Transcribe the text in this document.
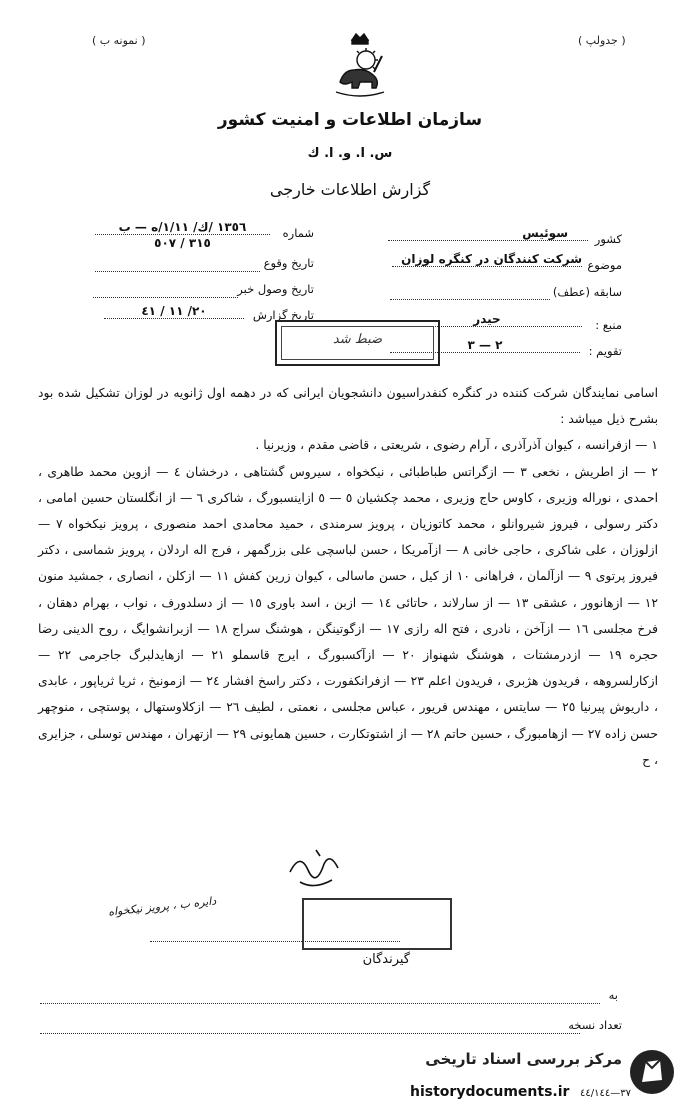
( نمونه ب )	( جدولپ )
سازمان اطلاعات و امنیت کشور
س. ا. و. ا. ك
گزارش اطلاعات خارجی
کشور
سوئیس
موضوع
شرکت کنندگان در کنگره لوزان
سابقه (عطف)
منبع :
حیدر
تقویم :
٢ — ٣
شماره
١٣٥٦ /ك/ ١/١١/ه — ب
٣١٥ / ٥٠٧
تاریخ وقوع
تاریخ وصول خبر
تاریخ گزارش
٢٠/ ١١ / ٤١
ضبط شد

اسامی نمایندگان شرکت کننده در کنگره کنفدراسیون دانشجویان ایرانی که در دهمه اول ژانویه در لوزان تشکیل شده بود بشرح ذیل میباشد :

١ — ازفرانسه ، کیوان آذرآذری ، آرام رضوی ، شریعتی ، قاضی مقدم ، وزیرنیا .

٢ — از اطریش ، نخعی ٣ — ازگراتس طباطبائی ، نیکخواه ، سیروس گشتاهی ، درخشان ٤ — ازوین محمد طاهری ، احمدی ، نوراله وزیری ، کاوس حاج وزیری ، محمد چکشیان ٥ — ٥ ازاینسبورگ ، شاکری ٦ — از انگلستان حسین امامی ، دکتر رسولی ، فیروز شیروانلو ، محمد کاتوزیان ، پرویز سرمندی ، حمید محامدی احمد منصوری ، پرویز نیکخواه ٧ — ازلوزان ، علی شاکری ، حاجی خانی ٨ — ازآمریکا ، حسن لباسچی علی بزرگمهر ، فرج اله اردلان ، پرویز شماسی ، دکتر فیروز پرتوی ٩ — ازآلمان ، فراهانی ١٠ از کیل ، حسن ماسالی ، کیوان زرین کفش ١١ — ازکلن ، انصاری ، جمشید منون ١٢ — ازهانوور ، عشقی ١٣ — از سارلاند ، حاتائی ١٤ — ازبن ، اسد باوری ١٥ — از دسلدورف ، نواب ، بهرام دهقان ، فرخ مجلسی ١٦ — ازآخن ، نادری ، فتح اله رازی ١٧ — ازگوتینگن ، هوشنگ سراج ١٨ — ازبرانشوایگ ، روح الدینی رضا حجره ١٩ — ازدرمشتات ، هوشنگ شهنواز ٢٠ — ازآکسبورگ ، ایرج قاسملو ٢١ — ازهایدلبرگ جاجرمی ٢٢ — ازکارلسروهه ، فریدون هژبری ، فریدون اعلم ٢٣ — ازفرانکفورت ، دکتر راسخ افشار ٢٤ — ازمونیخ ، ثریا ثریاپور ، عابدی ، داریوش پیرنیا ٢٥ — سایتس ، مهندس فریور ، عباس مجلسی ، نعمتی ، لطیف ٢٦ — ازکلاوستهال ، پوستچی ، منوچهر حسن زاده ٢٧ — ازهامبورگ ، حسین حاتم ٢٨ — از اشتوتکارت ، حسین همایونی ٢٩ — ازتهران ، مهندس توسلی ، جزایری ، ح

دایره ب ، پرویز نیکخواه
گیرندگان
به
تعداد نسخه
٣٧—٤٤/١٤٤
مرکز بررسی اسناد تاریخی
historydocuments.ir
